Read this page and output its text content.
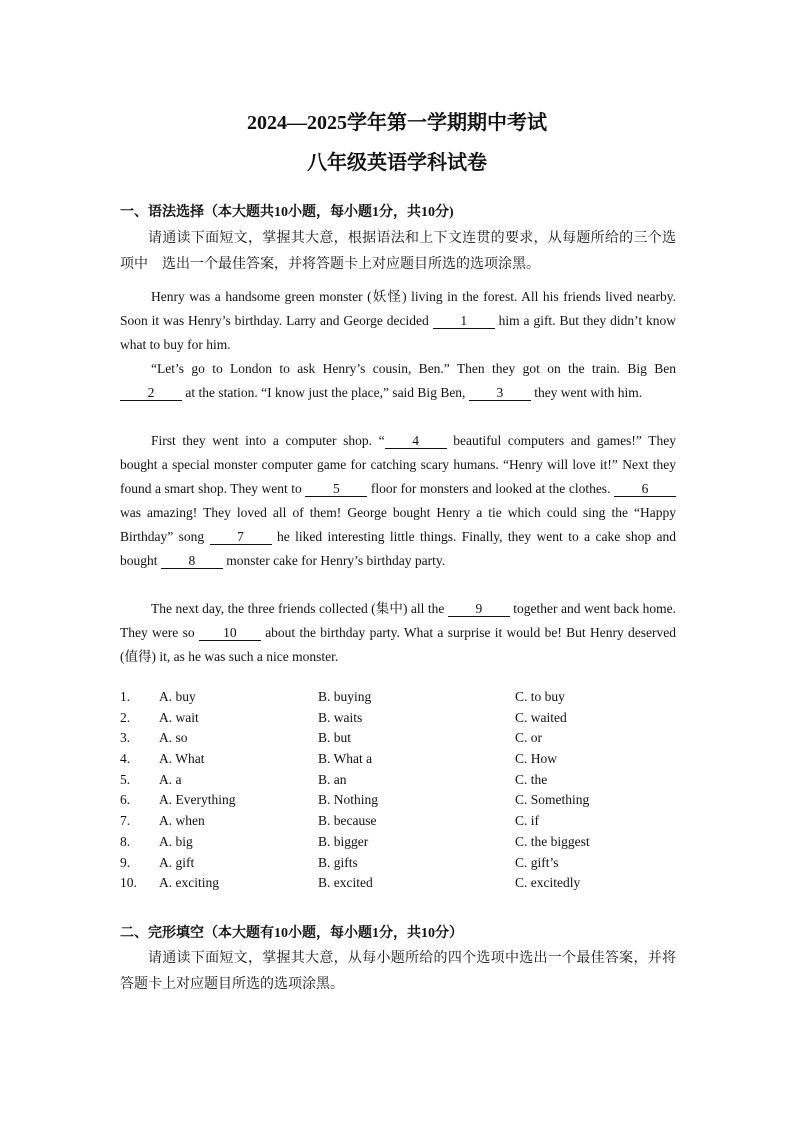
2024—2025学年第一学期期中考试
八年级英语学科试卷
一、语法选择（本大题共10小题，每小题1分，共10分)
请通读下面短文，掌握其大意，根据语法和上下文连贯的要求，从每题所给的三个选项中　选出一个最佳答案，并将答题卡上对应题目所选的选项涂黑。
Henry was a handsome green monster (妖怪) living in the forest. All his friends lived nearby. Soon it was Henry’s birthday. Larry and George decided 1 him a gift. But they didn’t know what to buy for him.
“Let’s go to London to ask Henry’s cousin, Ben.” Then they got on the train. Big Ben 2 at the station. “I know just the place,” said Big Ben, 3 they went with him.
First they went into a computer shop. “ 4 beautiful computers and games!” They bought a special monster computer game for catching scary humans. “Henry will love it!” Next they found a smart shop. They went to 5 floor for monsters and looked at the clothes. 6 was amazing! They loved all of them! George bought Henry a tie which could sing the “Happy Birthday” song 7 he liked interesting little things. Finally, they went to a cake shop and bought 8 monster cake for Henry’s birthday party.
The next day, the three friends collected (集中) all the 9 together and went back home. They were so 10 about the birthday party. What a surprise it would be! But Henry deserved (值得) it, as he was such a nice monster.
1. A. buy	B. buying	C. to buy
2. A. wait	B. waits	C. waited
3. A. so	B. but	C. or
4. A. What	B. What a	C. How
5. A. a	B. an	C. the
6. A. Everything	B. Nothing	C. Something
7. A. when	B. because	C. if
8. A. big	B. bigger	C. the biggest
9. A. gift	B. gifts	C. gift’s
10. A. exciting	B. excited	C. excitedly
二、完形填空（本大题有10小题，每小题1分，共10分）
请通读下面短文，掌握其大意，从每小题所给的四个选项中选出一个最佳答案，并将答题卡上对应题目所选的选项涂黑。
